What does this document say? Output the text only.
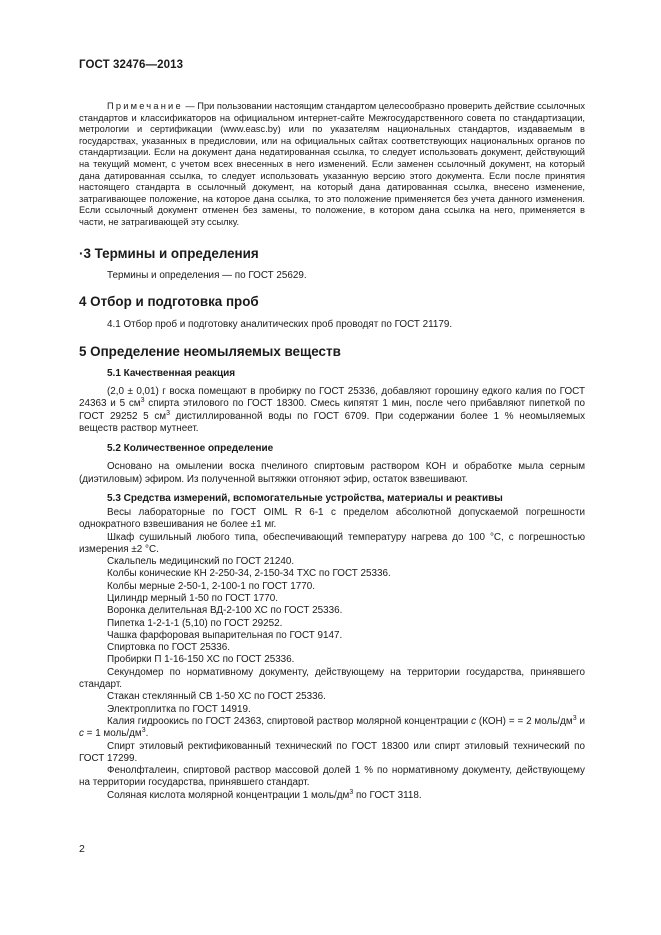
ГОСТ 32476—2013

Примечание — При пользовании настоящим стандартом целесообразно проверить действие ссылочных стандартов и классификаторов на официальном интернет-сайте Межгосударственного совета по стандартизации, метрологии и сертификации (www.easc.by) или по указателям национальных стандартов, издаваемым в государствах, указанных в предисловии, или на официальных сайтах соответствующих национальных органов по стандартизации. Если на документ дана недатированная ссылка, то следует использовать документ, действующий на текущий момент, с учетом всех внесенных в него изменений. Если заменен ссылочный документ, на который дана датированная ссылка, то следует использовать указанную версию этого документа. Если после принятия настоящего стандарта в ссылочный документ, на который дана датированная ссылка, внесено изменение, затрагивающее положение, на которое дана ссылка, то это положение применяется без учета данного изменения. Если ссылочный документ отменен без замены, то положение, в котором дана ссылка на него, применяется в части, не затрагивающей эту ссылку.

·3 Термины и определения

Термины и определения — по ГОСТ 25629.

4 Отбор и подготовка проб

4.1 Отбор проб и подготовку аналитических проб проводят по ГОСТ 21179.

5 Определение неомыляемых веществ
5.1 Качественная реакция

(2,0 ± 0,01) г воска помещают в пробирку по ГОСТ 25336, добавляют горошину едкого калия по ГОСТ 24363 и 5 $см^3$ спирта этилового по ГОСТ 18300. Смесь кипятят 1 мин, после чего прибавляют пипеткой по ГОСТ 29252 5 $см^3$ дистиллированной воды по ГОСТ 6709. При содержании более 1 % неомыляемых веществ раствор мутнеет.

5.2 Количественное определение

Основано на омылении воска пчелиного спиртовым раствором КОН и обработке мыла серным (диэтиловым) эфиром. Из полученной вытяжки отгоняют эфир, остаток взвешивают.

5.3 Средства измерений, вспомогательные устройства, материалы и реактивы

Весы лабораторные по ГОСТ OIML R 6-1 с пределом абсолютной допускаемой погрешности однократного взвешивания не более ±1 мг.

Шкаф сушильный любого типа, обеспечивающий температуру нагрева до 100 °С, с погрешностью измерения ±2 °С.

Скальпель медицинский по ГОСТ 21240.

Колбы конические КН 2-250-34, 2-150-34 ТХС по ГОСТ 25336.

Колбы мерные 2-50-1, 2-100-1 по ГОСТ 1770.

Цилиндр мерный 1-50 по ГОСТ 1770.

Воронка делительная ВД-2-100 ХС по ГОСТ 25336.

Пипетка 1-2-1-1 (5,10) по ГОСТ 29252.

Чашка фарфоровая выпарительная по ГОСТ 9147.

Спиртовка по ГОСТ 25336.

Пробирки П 1-16-150 ХС по ГОСТ 25336.

Секундомер по нормативному документу, действующему на территории государства, принявшего стандарт.

Стакан стеклянный СВ 1-50 ХС по ГОСТ 25336.

Электроплитка по ГОСТ 14919.

Калия гидроокись по ГОСТ 24363, спиртовой раствор молярной концентрации с (КОН) = = 2 моль/$дм^3$ и с = 1 моль/$дм^3$.

Спирт этиловый ректификованный технический по ГОСТ 18300 или спирт этиловый технический по ГОСТ 17299.

Фенолфталеин, спиртовой раствор массовой долей 1 % по нормативному документу, действующему на территории государства, принявшего стандарт.

Соляная кислота молярной концентрации 1 моль/$дм^3$ по ГОСТ 3118.

2
